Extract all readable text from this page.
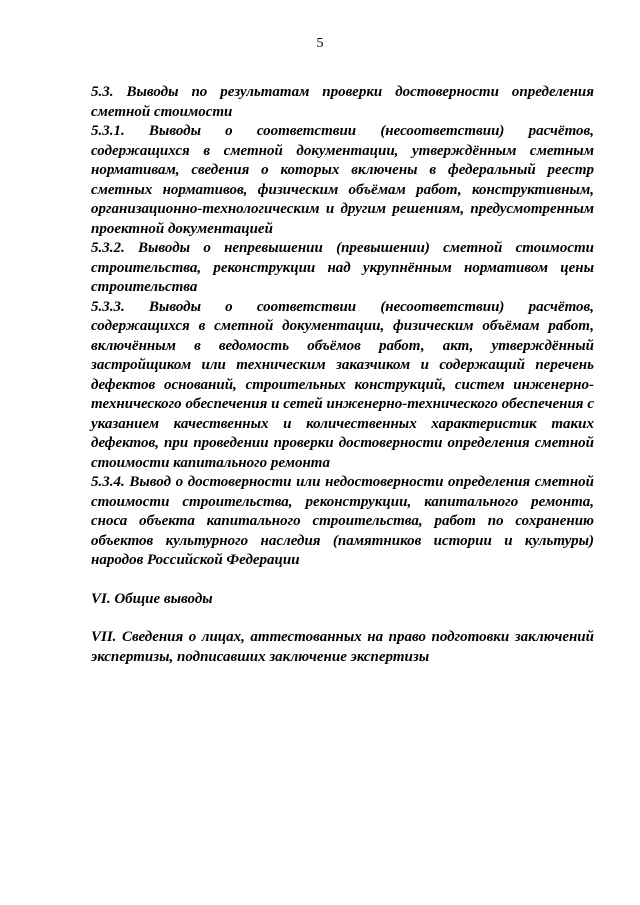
5

5.3. Выводы по результатам проверки достоверности определения сметной стоимости

5.3.1. Выводы о соответствии (несоответствии) расчётов, содержащихся в сметной документации, утверждённым сметным нормативам, сведения о которых включены в федеральный реестр сметных нормативов, физическим объёмам работ, конструктивным, организационно-технологическим и другим решениям, предусмотренным проектной документацией

5.3.2. Выводы о непревышении (превышении) сметной стоимости строительства, реконструкции над укрупнённым нормативом цены строительства

5.3.3. Выводы о соответствии (несоответствии) расчётов, содержащихся в сметной документации, физическим объёмам работ, включённым в ведомость объёмов работ, акт, утверждённый застройщиком или техническим заказчиком и содержащий перечень дефектов оснований, строительных конструкций, систем инженерно-технического обеспечения и сетей инженерно-технического обеспечения с указанием качественных и количественных характеристик таких дефектов, при проведении проверки достоверности определения сметной стоимости капитального ремонта

5.3.4. Вывод о достоверности или недостоверности определения сметной стоимости строительства, реконструкции, капитального ремонта, сноса объекта капитального строительства, работ по сохранению объектов культурного наследия (памятников истории и культуры) народов Российской Федерации

VI. Общие выводы

VII. Сведения о лицах, аттестованных на право подготовки заключений экспертизы, подписавших заключение экспертизы
